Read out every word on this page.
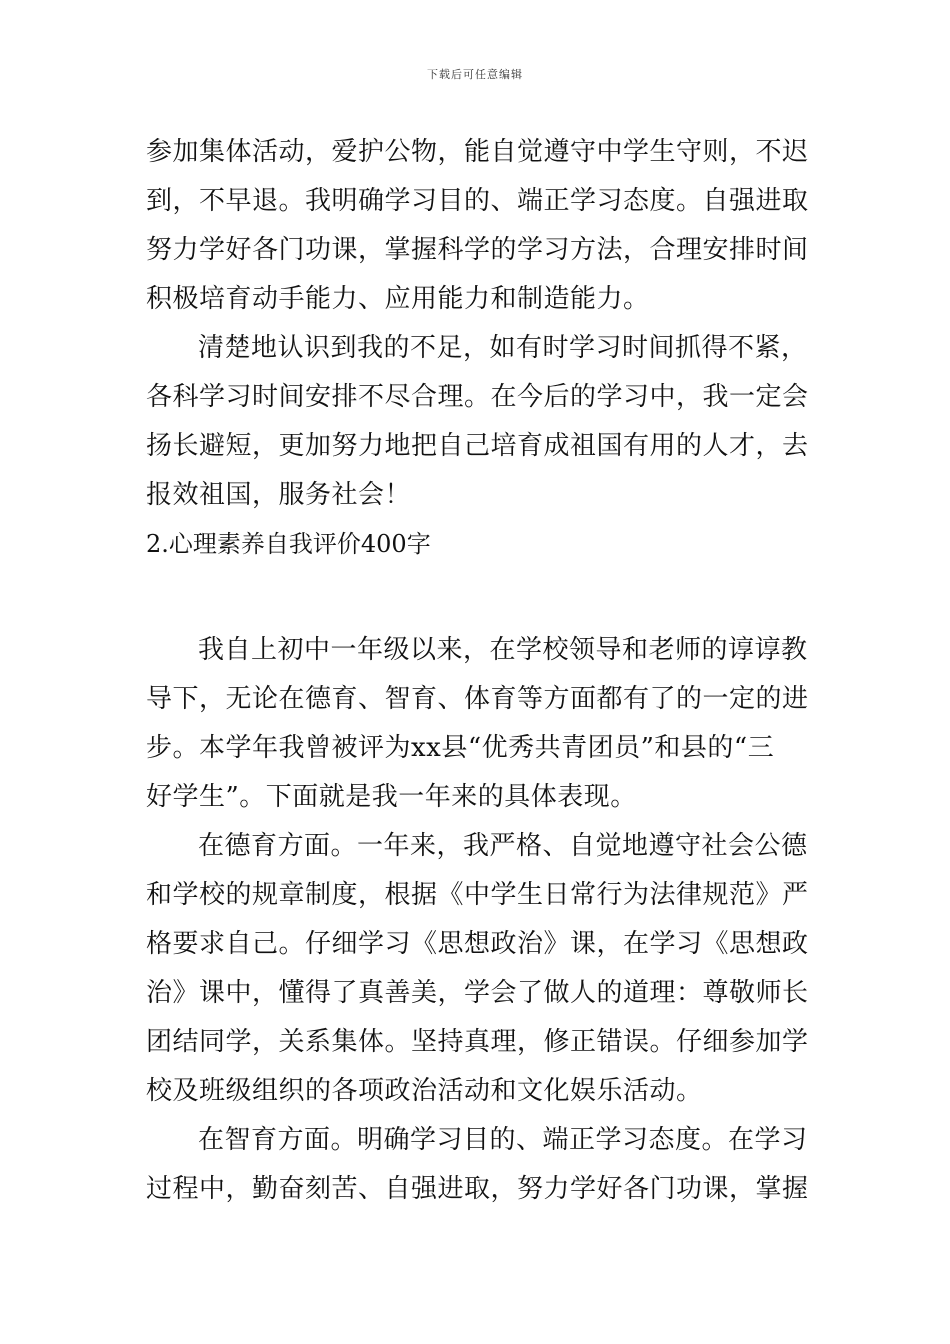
下载后可任意编辑
参加集体活动，爱护公物，能自觉遵守中学生守则，不迟
到，不早退。我明确学习目的、端正学习态度。自强进取
努力学好各门功课，掌握科学的学习方法，合理安排时间
积极培育动手能力、应用能力和制造能力。
清楚地认识到我的不足，如有时学习时间抓得不紧，
各科学习时间安排不尽合理。在今后的学习中，我一定会
扬长避短，更加努力地把自己培育成祖国有用的人才，去
报效祖国，服务社会！
2.心理素养自我评价400字
我自上初中一年级以来，在学校领导和老师的谆谆教
导下，无论在德育、智育、体育等方面都有了的一定的进
步。本学年我曾被评为xx县“优秀共青团员”和县的“三
好学生”。下面就是我一年来的具体表现。
在德育方面。一年来，我严格、自觉地遵守社会公德
和学校的规章制度，根据《中学生日常行为法律规范》严
格要求自己。仔细学习《思想政治》课，在学习《思想政
治》课中，懂得了真善美，学会了做人的道理：尊敬师长
团结同学，关系集体。坚持真理，修正错误。仔细参加学
校及班级组织的各项政治活动和文化娱乐活动。
在智育方面。明确学习目的、端正学习态度。在学习
过程中，勤奋刻苦、自强进取，努力学好各门功课，掌握
